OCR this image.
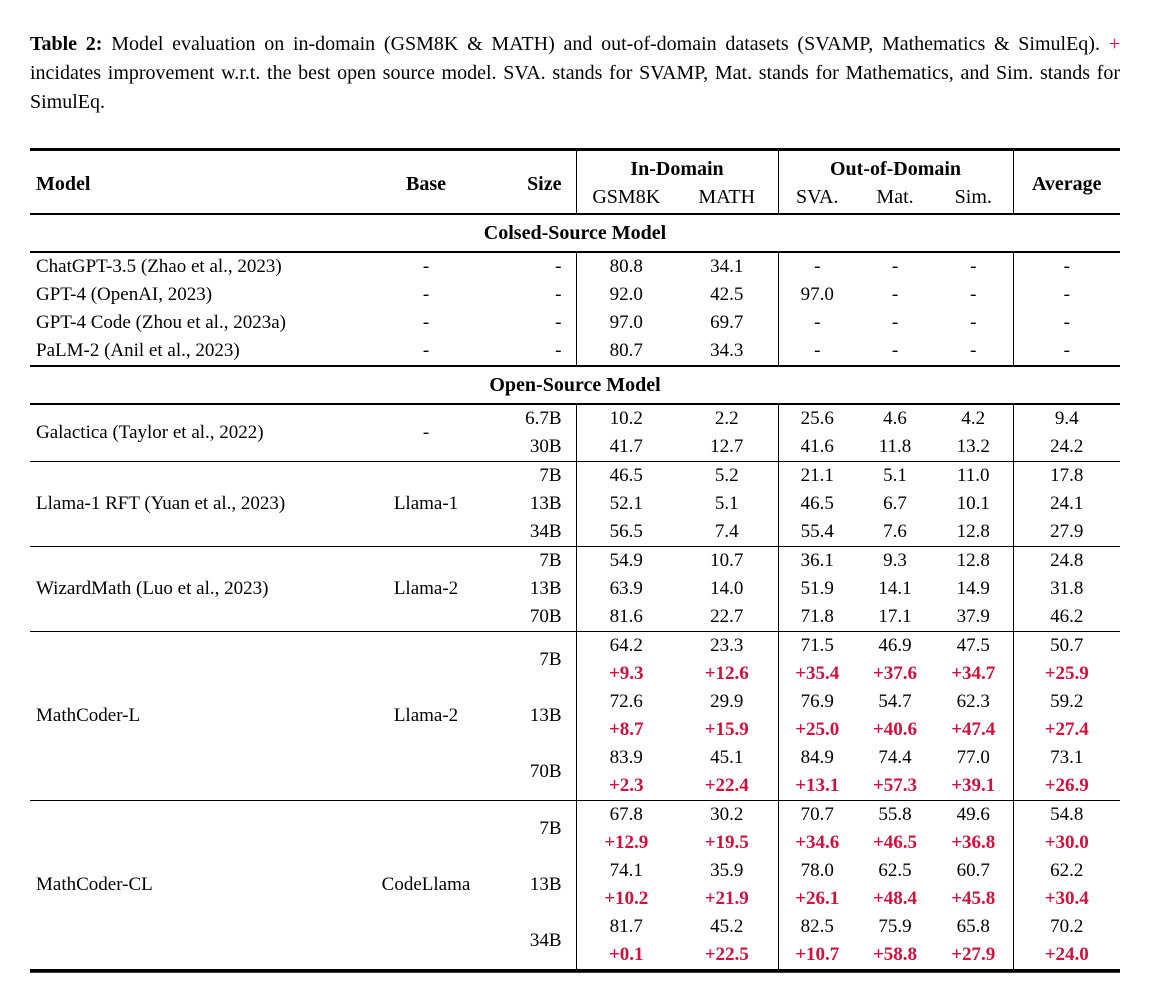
Table 2: Model evaluation on in-domain (GSM8K & MATH) and out-of-domain datasets (SVAMP, Mathematics & SimulEq). + incidates improvement w.r.t. the best open source model. SVA. stands for SVAMP, Mat. stands for Mathematics, and Sim. stands for SimulEq.

Model	Base	Size	In-Domain		Out-of-Domain			Average
			GSM8K	MATH	SVA.	Mat.	Sim.	
Colsed-Source Model								
ChatGPT-3.5 (Zhao et al., 2023)	-	-	80.8	34.1	-	-	-	-
GPT-4 (OpenAI, 2023)	-	-	92.0	42.5	97.0	-	-	-
GPT-4 Code (Zhou et al., 2023a)	-	-	97.0	69.7	-	-	-	-
PaLM-2 (Anil et al., 2023)	-	-	80.7	34.3	-	-	-	-
Open-Source Model								
Galactica (Taylor et al., 2022)	-	6.7B	10.2	2.2	25.6	4.6	4.2	9.4
		30B	41.7	12.7	41.6	11.8	13.2	24.2
Llama-1 RFT (Yuan et al., 2023)	Llama-1	7B	46.5	5.2	21.1	5.1	11.0	17.8
		13B	52.1	5.1	46.5	6.7	10.1	24.1
		34B	56.5	7.4	55.4	7.6	12.8	27.9
WizardMath (Luo et al., 2023)	Llama-2	7B	54.9	10.7	36.1	9.3	12.8	24.8
		13B	63.9	14.0	51.9	14.1	14.9	31.8
		70B	81.6	22.7	71.8	17.1	37.9	46.2
MathCoder-L	Llama-2	7B	64.2	23.3	71.5	46.9	47.5	50.7
			+9.3	+12.6	+35.4	+37.6	+34.7	+25.9
		13B	72.6	29.9	76.9	54.7	62.3	59.2
			+8.7	+15.9	+25.0	+40.6	+47.4	+27.4
		70B	83.9	45.1	84.9	74.4	77.0	73.1
			+2.3	+22.4	+13.1	+57.3	+39.1	+26.9
MathCoder-CL	CodeLlama	7B	67.8	30.2	70.7	55.8	49.6	54.8
			+12.9	+19.5	+34.6	+46.5	+36.8	+30.0
		13B	74.1	35.9	78.0	62.5	60.7	62.2
			+10.2	+21.9	+26.1	+48.4	+45.8	+30.4
		34B	81.7	45.2	82.5	75.9	65.8	70.2
			+0.1	+22.5	+10.7	+58.8	+27.9	+24.0
